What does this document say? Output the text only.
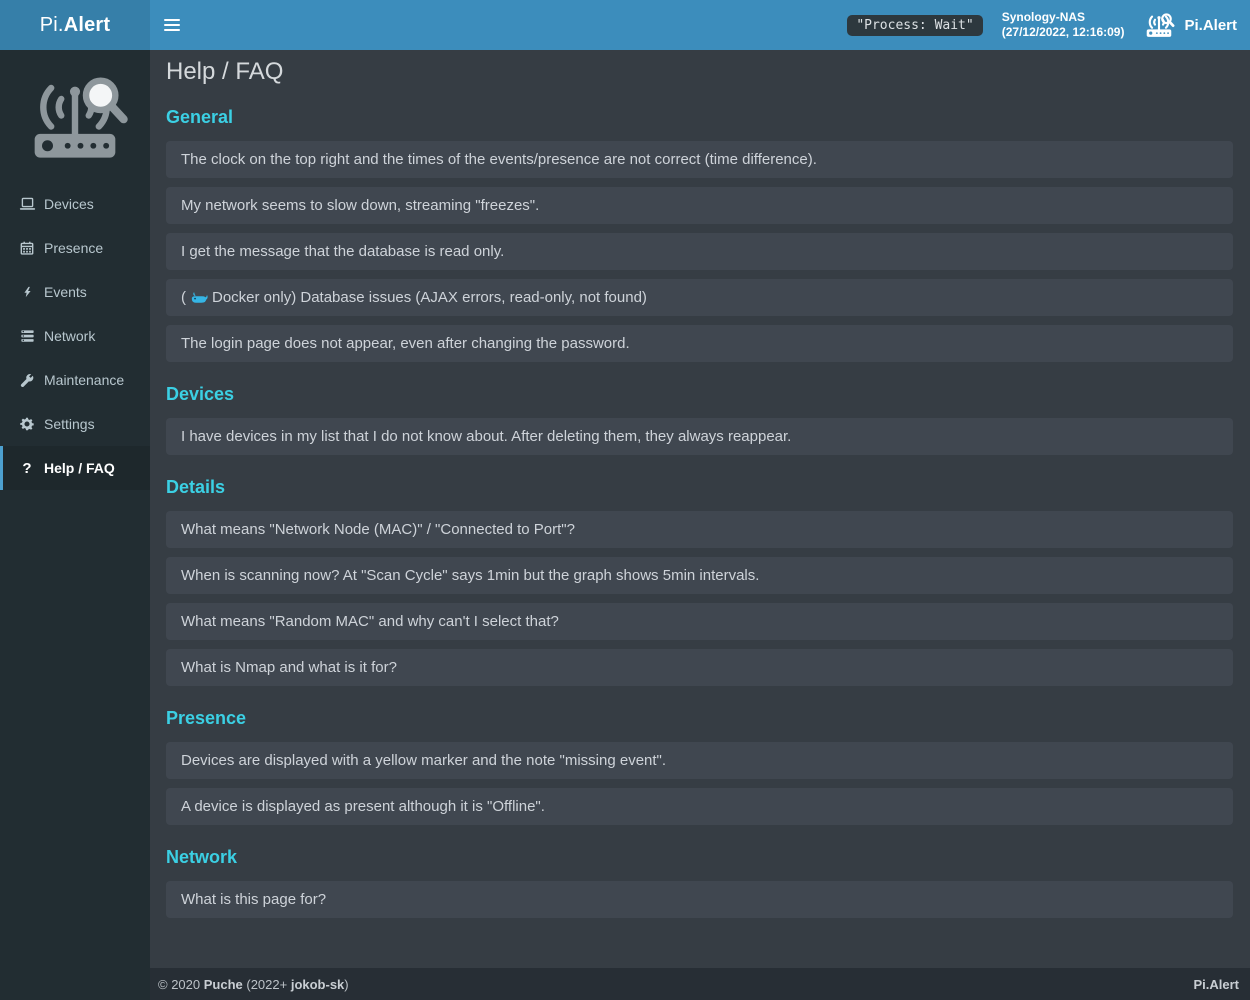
Pi.Alert	"Process: Wait"
Synology-NAS
(27/12/2022, 12:16:09)	Pi.Alert
Devices
Presence
Events
Network
Maintenance
Settings
? Help / FAQ
Help / FAQ
General
The clock on the top right and the times of the events/presence are not correct (time difference).
My network seems to slow down, streaming "freezes".
I get the message that the database is read only.
( Docker only) Database issues (AJAX errors, read-only, not found)
The login page does not appear, even after changing the password.
Devices
I have devices in my list that I do not know about. After deleting them, they always reappear.
Details
What means "Network Node (MAC)" / "Connected to Port"?
When is scanning now? At "Scan Cycle" says 1min but the graph shows 5min intervals.
What means "Random MAC" and why can't I select that?
What is Nmap and what is it for?
Presence
Devices are displayed with a yellow marker and the note "missing event".
A device is displayed as present although it is "Offline".
Network
What is this page for?
© 2020 Puche (2022+ jokob-sk)	Pi.Alert
